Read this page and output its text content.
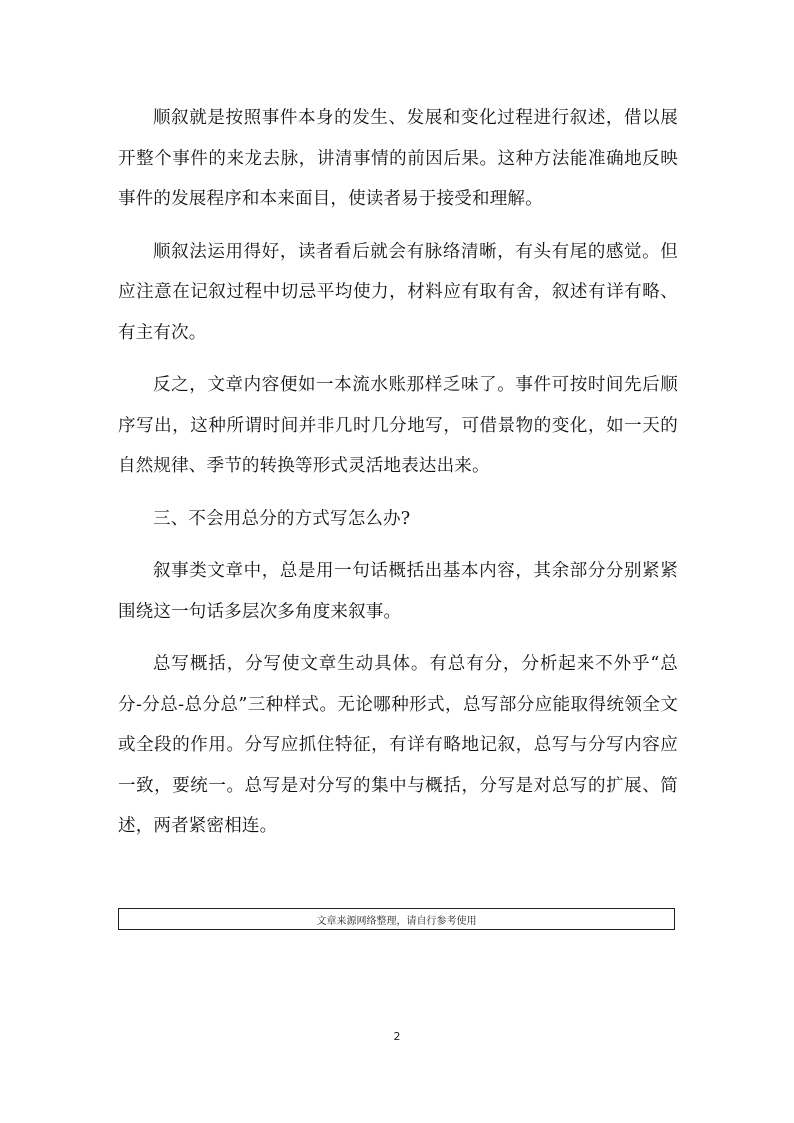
顺叙就是按照事件本身的发生、发展和变化过程进行叙述，借以展开整个事件的来龙去脉，讲清事情的前因后果。这种方法能准确地反映事件的发展程序和本来面目，使读者易于接受和理解。

顺叙法运用得好，读者看后就会有脉络清晰，有头有尾的感觉。但应注意在记叙过程中切忌平均使力，材料应有取有舍，叙述有详有略、有主有次。

反之，文章内容便如一本流水账那样乏味了。事件可按时间先后顺序写出，这种所谓时间并非几时几分地写，可借景物的变化，如一天的自然规律、季节的转换等形式灵活地表达出来。

三、不会用总分的方式写怎么办?

叙事类文章中，总是用一句话概括出基本内容，其余部分分别紧紧围绕这一句话多层次多角度来叙事。

总写概括，分写使文章生动具体。有总有分，分析起来不外乎“总分-分总-总分总”三种样式。无论哪种形式，总写部分应能取得统领全文或全段的作用。分写应抓住特征，有详有略地记叙，总写与分写内容应一致，要统一。总写是对分写的集中与概括，分写是对总写的扩展、简述，两者紧密相连。

文章来源网络整理，请自行参考使用
2
